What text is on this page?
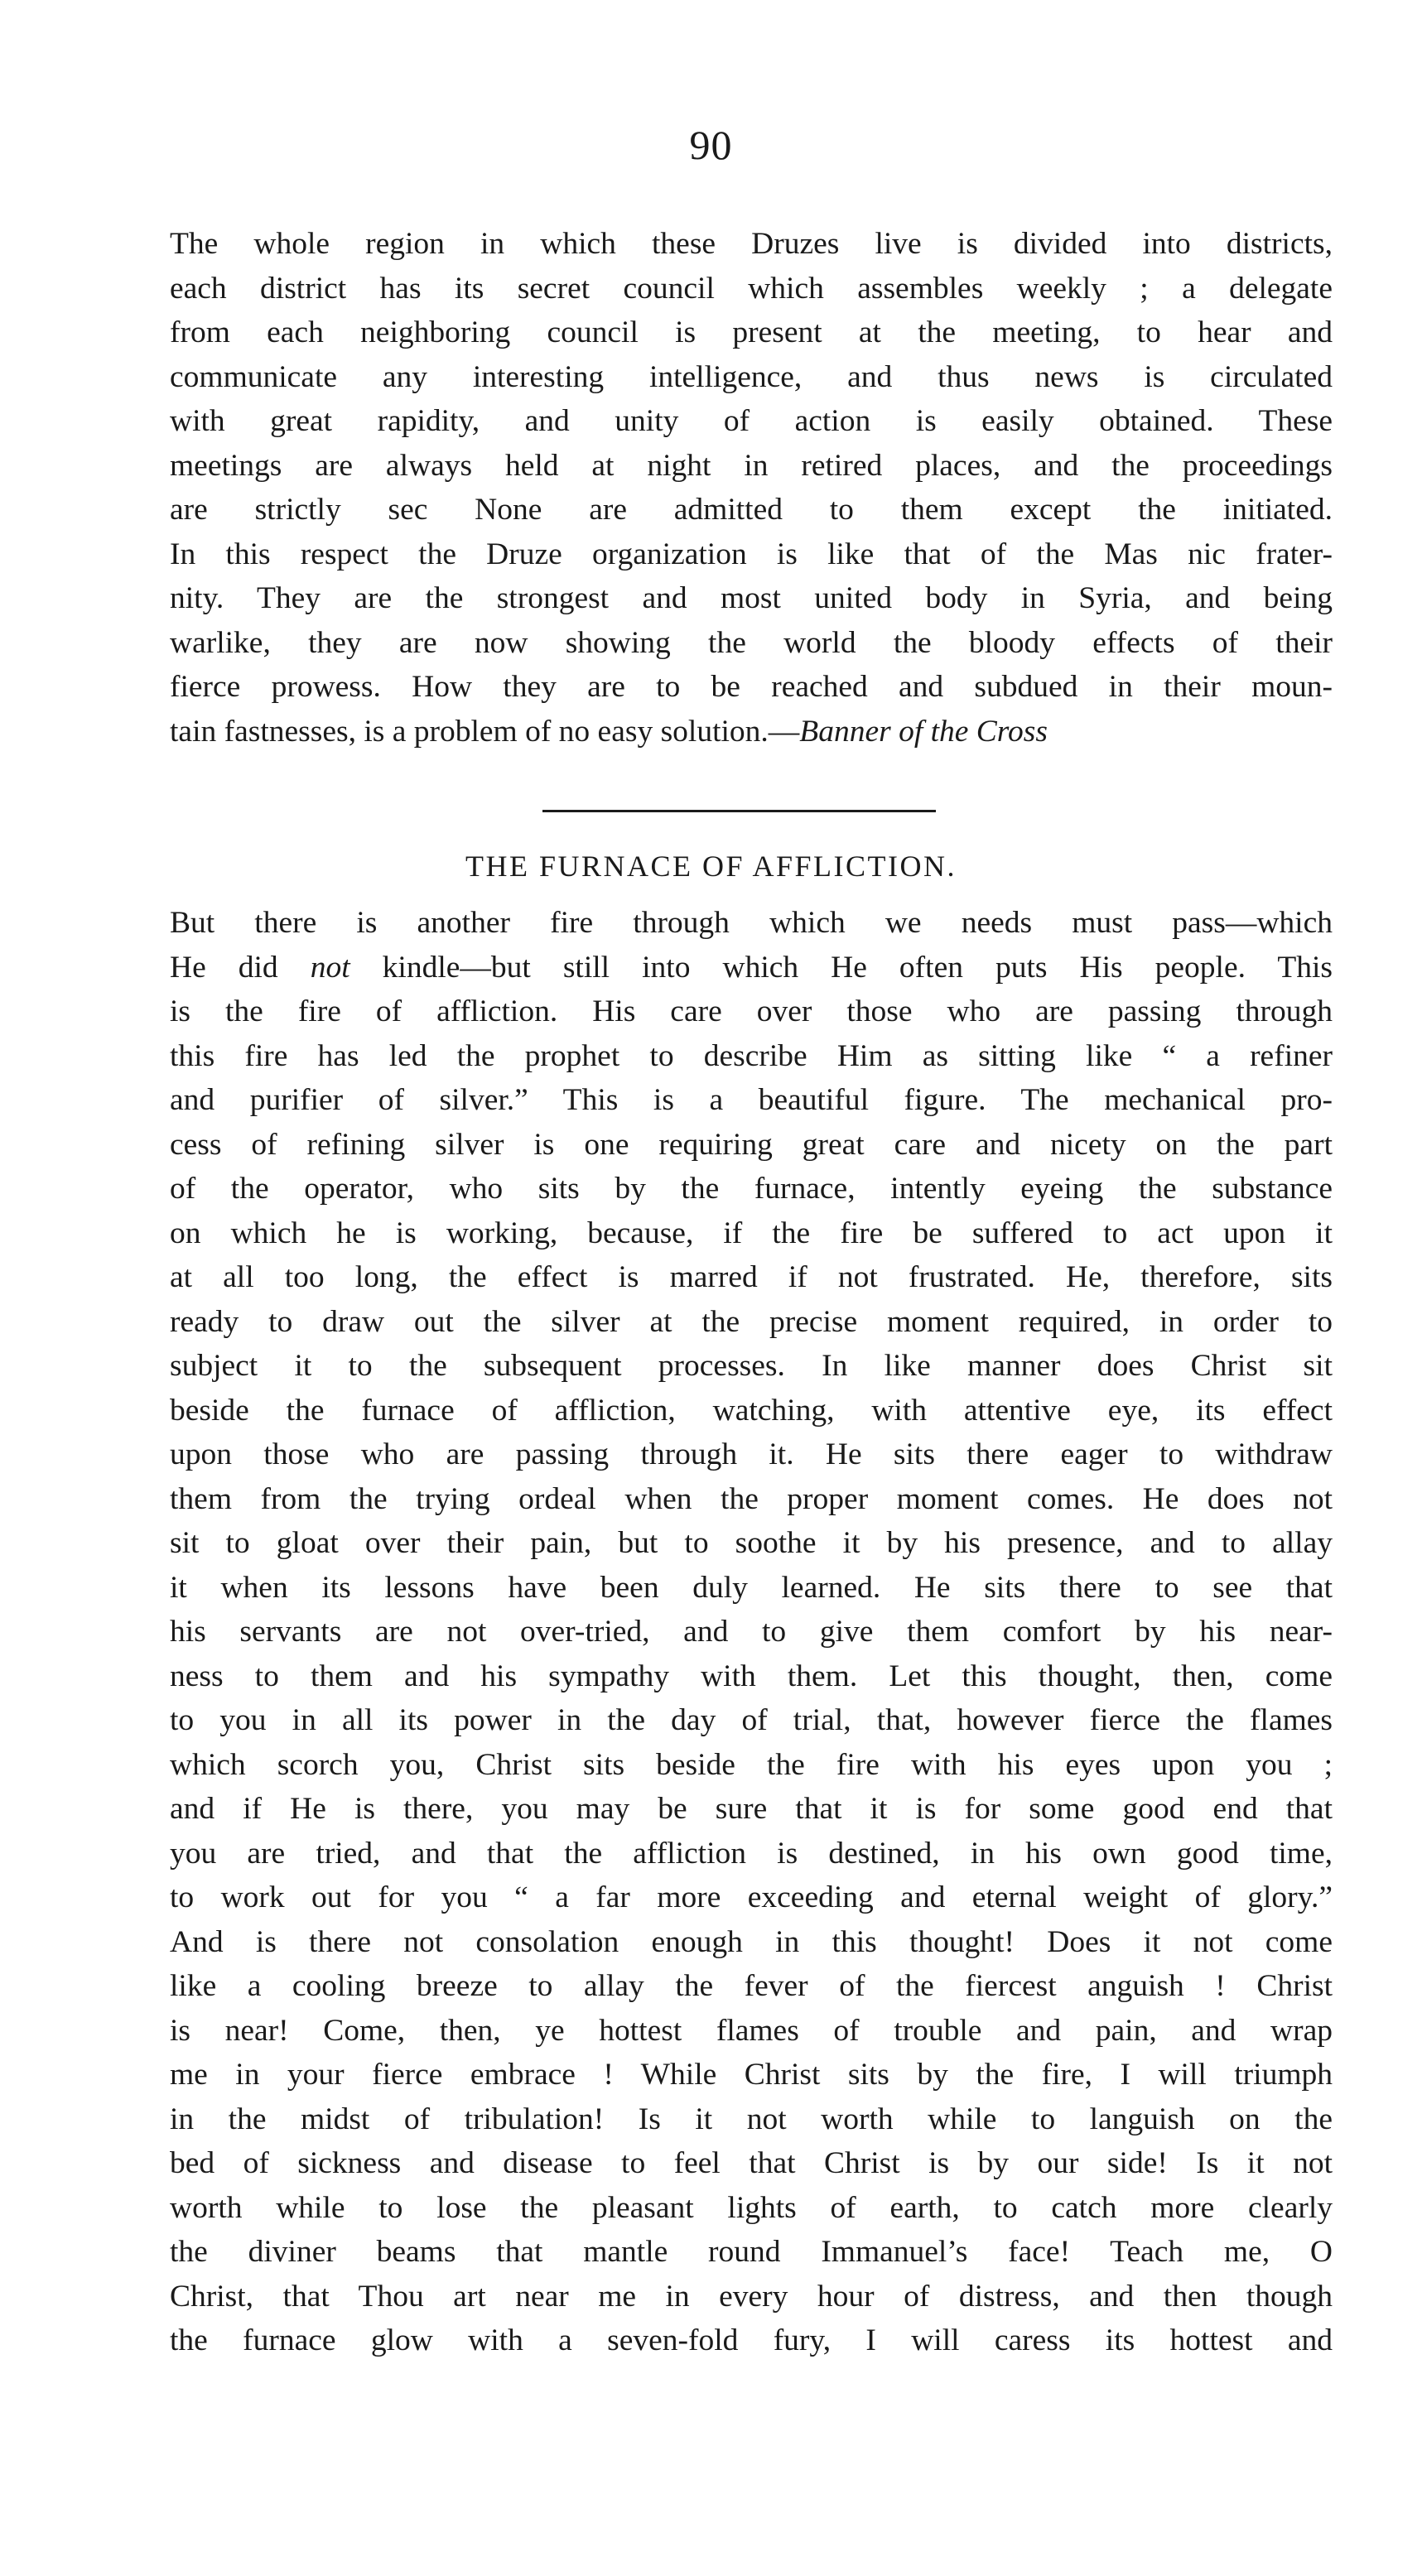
90
The whole region in which these Druzes live is divided into districts,
each district has its secret council which assembles weekly ; a delegate
from each neighboring council is present at the meeting, to hear and
communicate any interesting intelligence, and thus news is circulated
with great rapidity, and unity of action is easily obtained. These
meetings are always held at night in retired places, and the proceedings
are strictly sec None are admitted to them except the initiated.
In this respect the Druze organization is like that of the Mas nic frater-
nity. They are the strongest and most united body in Syria, and being
warlike, they are now showing the world the bloody effects of their
fierce prowess. How they are to be reached and subdued in their moun-
tain fastnesses, is a problem of no easy solution.—Banner of the Cross
THE FURNACE OF AFFLICTION.
But there is another fire through which we needs must pass—which
He did not kindle—but still into which He often puts His people. This
is the fire of affliction. His care over those who are passing through
this fire has led the prophet to describe Him as sitting like “ a refiner
and purifier of silver.” This is a beautiful figure. The mechanical pro-
cess of refining silver is one requiring great care and nicety on the part
of the operator, who sits by the furnace, intently eyeing the substance
on which he is working, because, if the fire be suffered to act upon it
at all too long, the effect is marred if not frustrated. He, therefore, sits
ready to draw out the silver at the precise moment required, in order to
subject it to the subsequent processes. In like manner does Christ sit
beside the furnace of affliction, watching, with attentive eye, its effect
upon those who are passing through it. He sits there eager to withdraw
them from the trying ordeal when the proper moment comes. He does not
sit to gloat over their pain, but to soothe it by his presence, and to allay
it when its lessons have been duly learned. He sits there to see that
his servants are not over-tried, and to give them comfort by his near-
ness to them and his sympathy with them. Let this thought, then, come
to you in all its power in the day of trial, that, however fierce the flames
which scorch you, Christ sits beside the fire with his eyes upon you ;
and if He is there, you may be sure that it is for some good end that
you are tried, and that the affliction is destined, in his own good time,
to work out for you “ a far more exceeding and eternal weight of glory.”
And is there not consolation enough in this thought! Does it not come
like a cooling breeze to allay the fever of the fiercest anguish ! Christ
is near! Come, then, ye hottest flames of trouble and pain, and wrap
me in your fierce embrace ! While Christ sits by the fire, I will triumph
in the midst of tribulation! Is it not worth while to languish on the
bed of sickness and disease to feel that Christ is by our side! Is it not
worth while to lose the pleasant lights of earth, to catch more clearly
the diviner beams that mantle round Immanuel’s face! Teach me, O
Christ, that Thou art near me in every hour of distress, and then though
the furnace glow with a seven-fold fury, I will caress its hottest and
